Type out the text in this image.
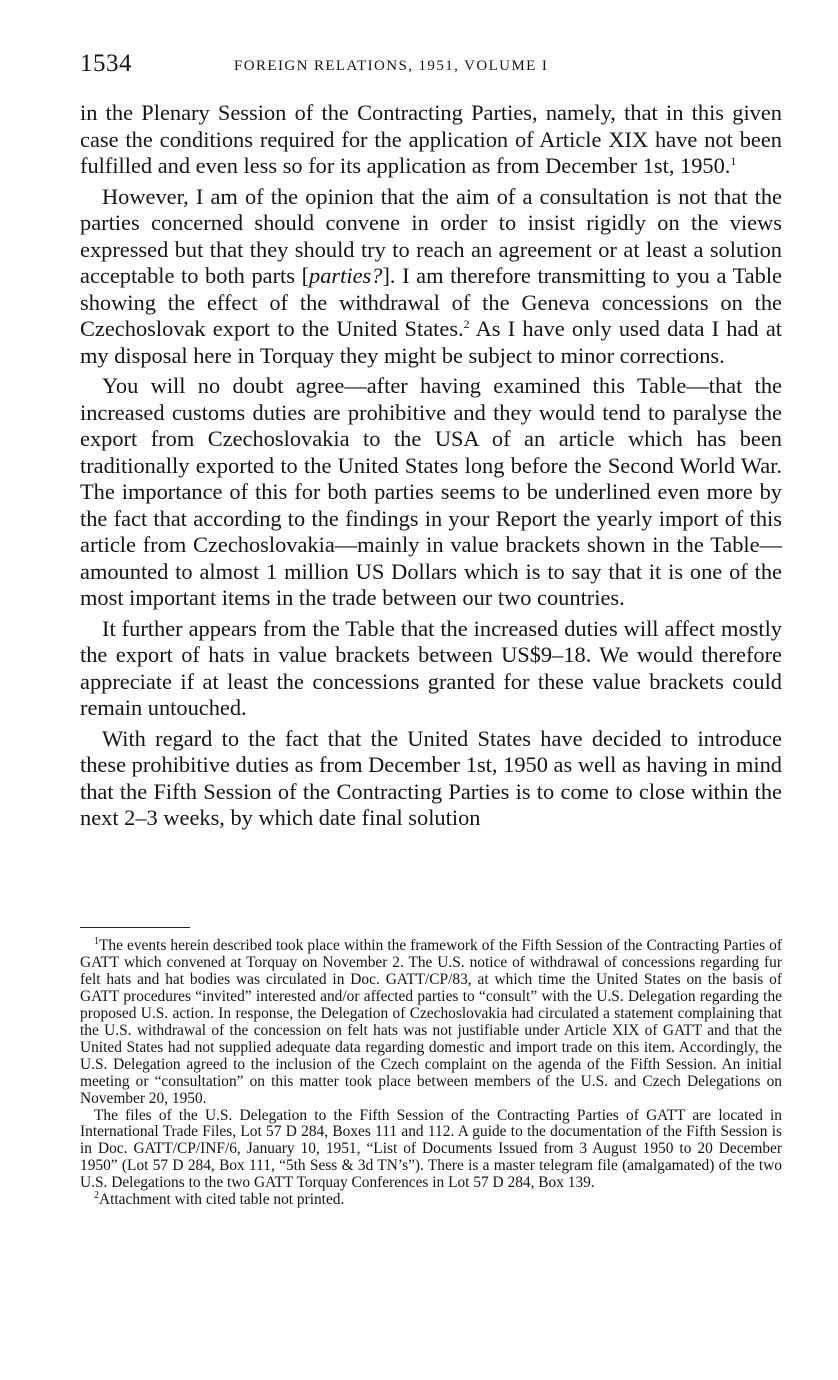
1534	FOREIGN RELATIONS, 1951, VOLUME I

in the Plenary Session of the Contracting Parties, namely, that in this given case the conditions required for the application of Article XIX have not been fulfilled and even less so for its application as from December 1st, 1950.$^1$

However, I am of the opinion that the aim of a consultation is not that the parties concerned should convene in order to insist rigidly on the views expressed but that they should try to reach an agreement or at least a solution acceptable to both parts [parties?]. I am therefore transmitting to you a Table showing the effect of the withdrawal of the Geneva concessions on the Czechoslovak export to the United States.$^2$ As I have only used data I had at my disposal here in Torquay they might be subject to minor corrections.

You will no doubt agree—after having examined this Table—that the increased customs duties are prohibitive and they would tend to paralyse the export from Czechoslovakia to the USA of an article which has been traditionally exported to the United States long before the Second World War. The importance of this for both parties seems to be underlined even more by the fact that according to the findings in your Report the yearly import of this article from Czechoslovakia—mainly in value brackets shown in the Table—amounted to almost 1 million US Dollars which is to say that it is one of the most important items in the trade between our two countries.

It further appears from the Table that the increased duties will affect mostly the export of hats in value brackets between US$9–18. We would therefore appreciate if at least the concessions granted for these value brackets could remain untouched.

With regard to the fact that the United States have decided to introduce these prohibitive duties as from December 1st, 1950 as well as having in mind that the Fifth Session of the Contracting Parties is to come to close within the next 2–3 weeks, by which date final solution

$^1$The events herein described took place within the framework of the Fifth Session of the Contracting Parties of GATT which convened at Torquay on November 2. The U.S. notice of withdrawal of concessions regarding fur felt hats and hat bodies was circulated in Doc. GATT/CP/83, at which time the United States on the basis of GATT procedures “invited” interested and/or affected parties to “consult” with the U.S. Delegation regarding the proposed U.S. action. In response, the Delegation of Czechoslovakia had circulated a statement complaining that the U.S. withdrawal of the concession on felt hats was not justifiable under Article XIX of GATT and that the United States had not supplied adequate data regarding domestic and import trade on this item. Accordingly, the U.S. Delegation agreed to the inclusion of the Czech complaint on the agenda of the Fifth Session. An initial meeting or “consultation” on this matter took place between members of the U.S. and Czech Delegations on November 20, 1950.

The files of the U.S. Delegation to the Fifth Session of the Contracting Parties of GATT are located in International Trade Files, Lot 57 D 284, Boxes 111 and 112. A guide to the documentation of the Fifth Session is in Doc. GATT/CP/INF/6, January 10, 1951, “List of Documents Issued from 3 August 1950 to 20 December 1950” (Lot 57 D 284, Box 111, “5th Sess & 3d TN’s”). There is a master telegram file (amalgamated) of the two U.S. Delegations to the two GATT Torquay Conferences in Lot 57 D 284, Box 139.

$^2$Attachment with cited table not printed.
